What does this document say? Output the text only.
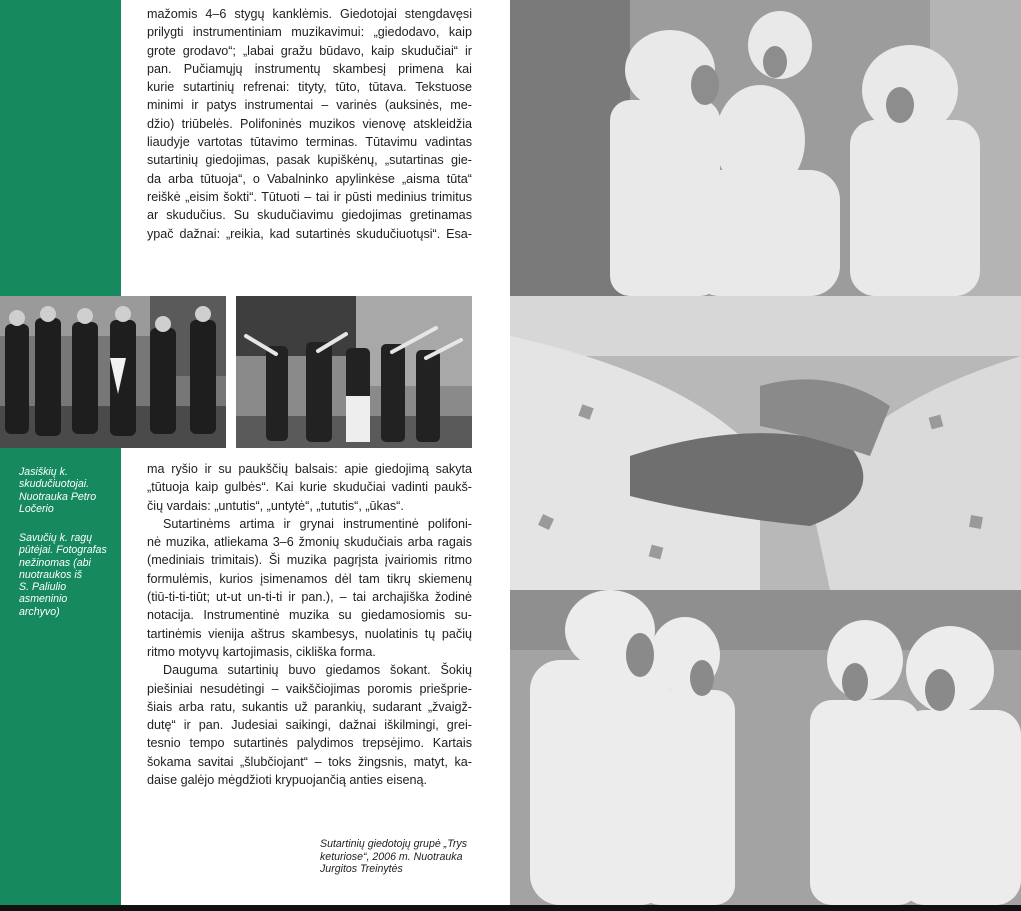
mažomis 4–6 stygų kanklėmis. Giedotojai stengdavęsi

prilygti instrumentiniam muzikavimui: „giedodavo, kaip

grote grodavo“; „labai gražu būdavo, kaip skudučiai“ ir

pan. Pučiamųjų instrumentų skambesį primena kai

kurie sutartinių refrenai: tityty, tūto, tūtava. Tekstuose

minimi ir patys instrumentai – varinės (auksinės, me-

džio) triūbelės. Polifoninės muzikos vienovę atskleidžia

liaudyje vartotas tūtavimo terminas. Tūtavimu vadintas

sutartinių giedojimas, pasak kupiškėnų, „sutartinas gie-

da arba tūtuoja“, o Vabalninko apylinkėse „aisma tūta“

reiškė „eisim šokti“. Tūtuoti – tai ir pūsti medinius trimitus

ar skudučius. Su skudučiavimu giedojimas gretinamas

ypač dažnai: „reikia, kad sutartinės skudučiuotųsi“. Esa-

Jasiškių k.
skudučiuotojai.
Nuotrauka Petro
Ločerio
Savučių k. ragų
pūtėjai. Fotografas
nežinomas (abi
nuotraukos iš
S. Paliulio
asmeninio
archyvo)

ma ryšio ir su paukščių balsais: apie giedojimą sakyta

„tūtuoja kaip gulbės“. Kai kurie skudučiai vadinti paukš-

čių vardais: „untutis“, „untytė“, „tututis“, „ūkas“.

Sutartinėms artima ir grynai instrumentinė polifoni-

nė muzika, atliekama 3–6 žmonių skudučiais arba ragais

(mediniais trimitais). Ši muzika pagrįsta įvairiomis ritmo

formulėmis, kurios įsimenamos dėl tam tikrų skiemenų

(tiū-ti-ti-tiūt; ut-ut un-ti-ti ir pan.), – tai archajiška žodinė

notacija. Instrumentinė muzika su giedamosiomis su-

tartinėmis vienija aštrus skambesys, nuolatinis tų pačių

ritmo motyvų kartojimasis, cikliška forma.

Dauguma sutartinių buvo giedamos šokant. Šokių

piešiniai nesudėtingi – vaikščiojimas poromis priešprie-

šiais arba ratu, sukantis už parankių, sudarant „žvaigž-

dutę“ ir pan. Judesiai saikingi, dažnai iškilmingi, grei-

tesnio tempo sutartinės palydimos trepsėjimo. Kartais

šokama savitai „šlubčiojant“ – toks žingsnis, matyt, ka-

daise galėjo mėgdžioti krypuojančią anties eiseną.

Sutartinių giedotojų grupė „Trys
keturiose“, 2006 m. Nuotrauka
Jurgitos Treinytės
